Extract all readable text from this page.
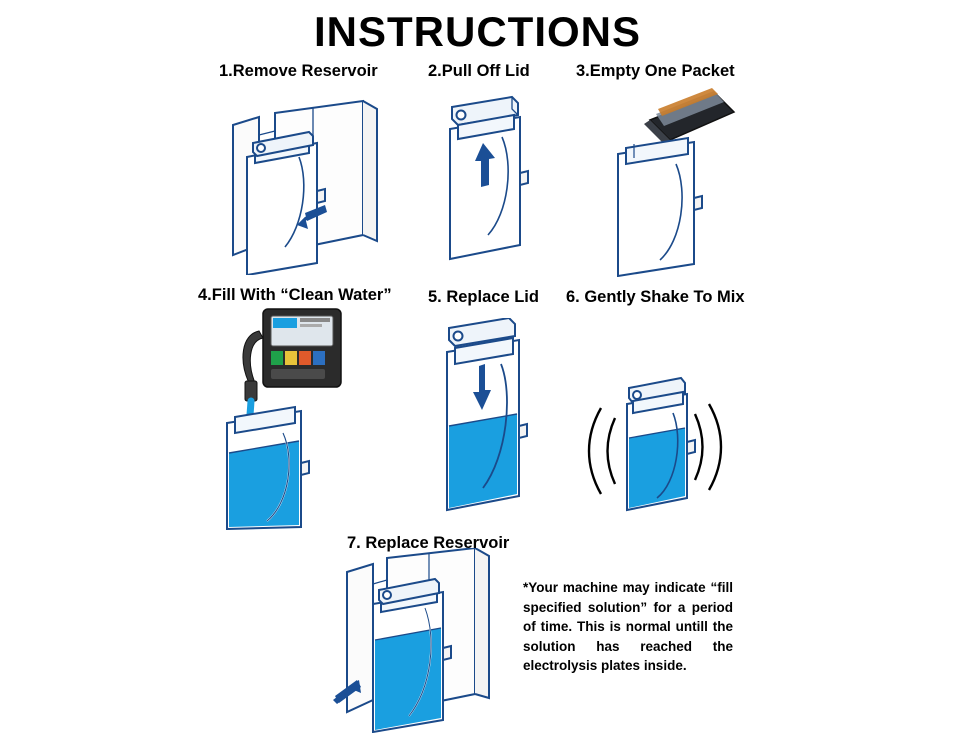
INSTRUCTIONS
1.Remove Reservoir	2.Pull Off Lid	3.Empty One Packet
4.Fill With “Clean Water” 5. Replace Lid 6. Gently Shake To Mix
7. Replace Reservoir
*Your machine may indicate “fill specified solution” for a period of time. This is normal untill the solution has reached the electrolysis plates inside.
